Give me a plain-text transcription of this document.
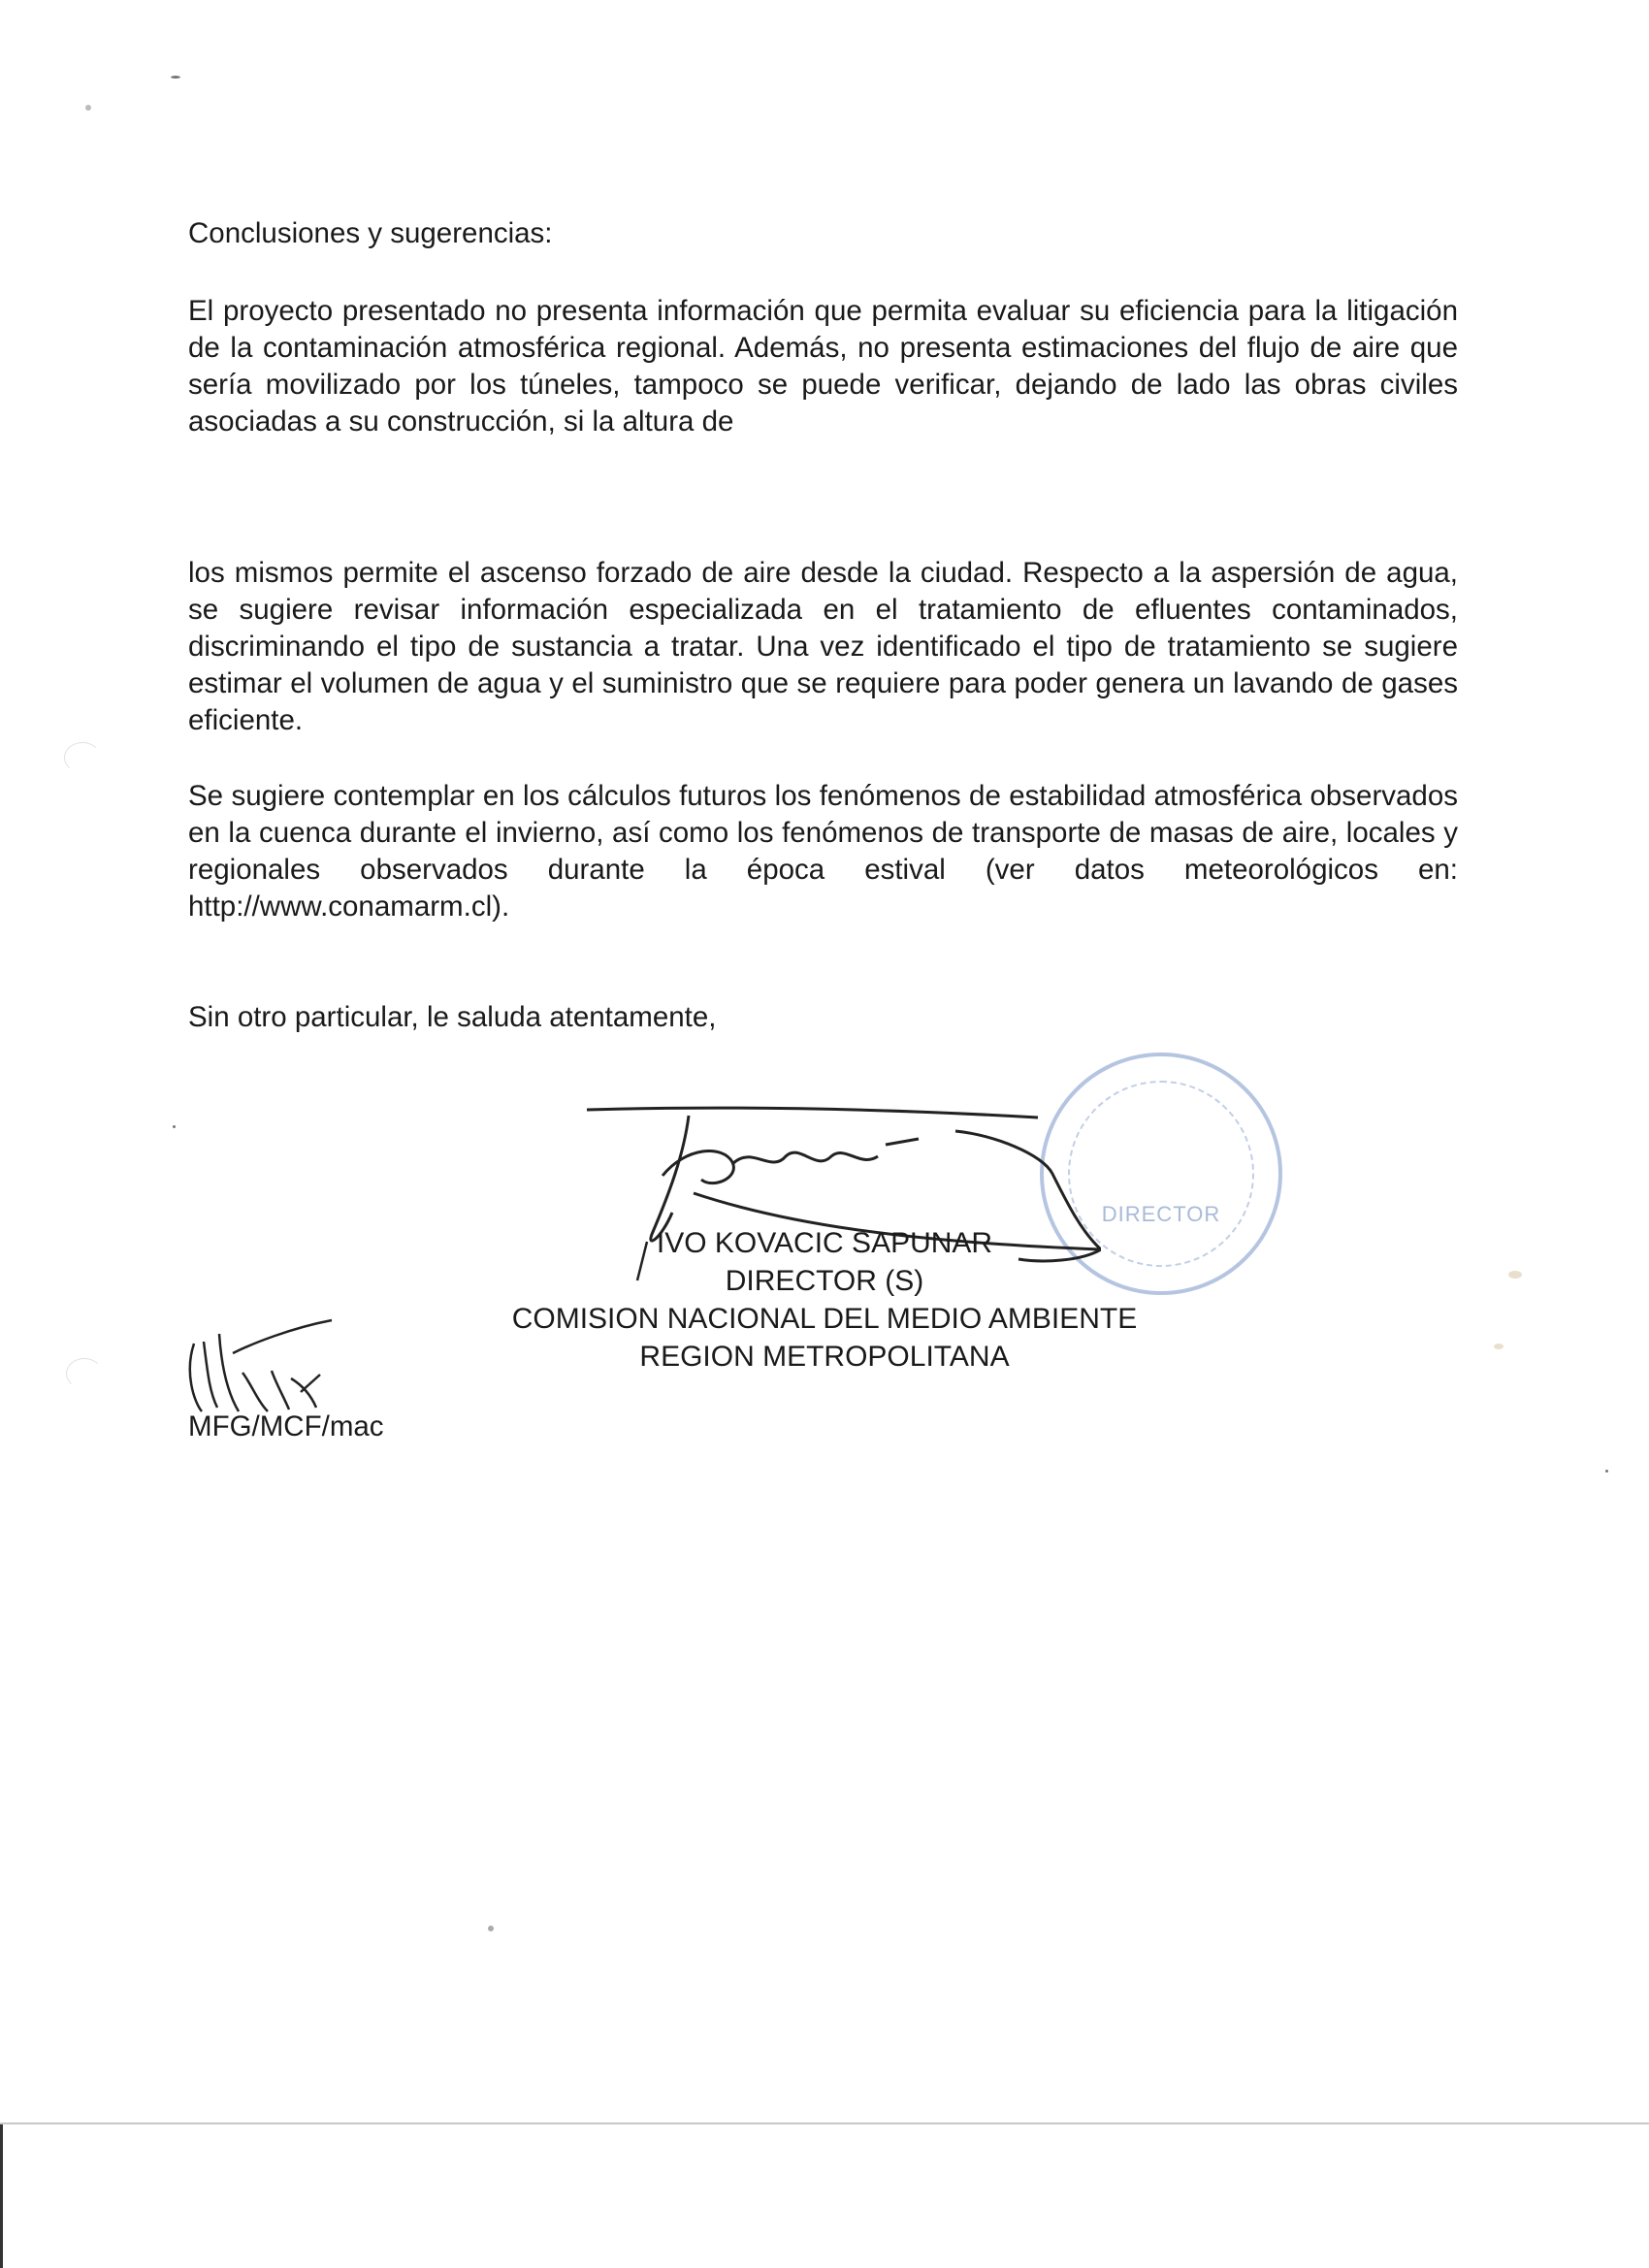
Conclusiones y sugerencias:

El proyecto presentado no presenta información que permita evaluar su eficiencia para la litigación de la contaminación atmosférica regional. Además, no presenta estimaciones del flujo de aire que sería movilizado por los túneles, tampoco se puede verificar, dejando de lado las obras civiles asociadas a su construcción, si la altura de

los mismos permite el ascenso forzado de aire desde la ciudad. Respecto a la aspersión de agua, se sugiere revisar información especializada en el tratamiento de efluentes contaminados, discriminando el tipo de sustancia a tratar. Una vez identificado el tipo de tratamiento se sugiere estimar el volumen de agua y el suministro que se requiere para poder genera un lavando de gases eficiente.

Se sugiere contemplar en los cálculos futuros los fenómenos de estabilidad atmosférica observados en la cuenca durante el invierno, así como los fenómenos de transporte de masas de aire, locales y regionales observados durante la época estival (ver datos meteorológicos en: http://www.conamarm.cl).

Sin otro particular, le saluda atentamente,
DIRECTOR
IVO KOVACIC SAPUNAR
DIRECTOR (S)
COMISION NACIONAL DEL MEDIO AMBIENTE
REGION METROPOLITANA
MFG/MCF/mac
